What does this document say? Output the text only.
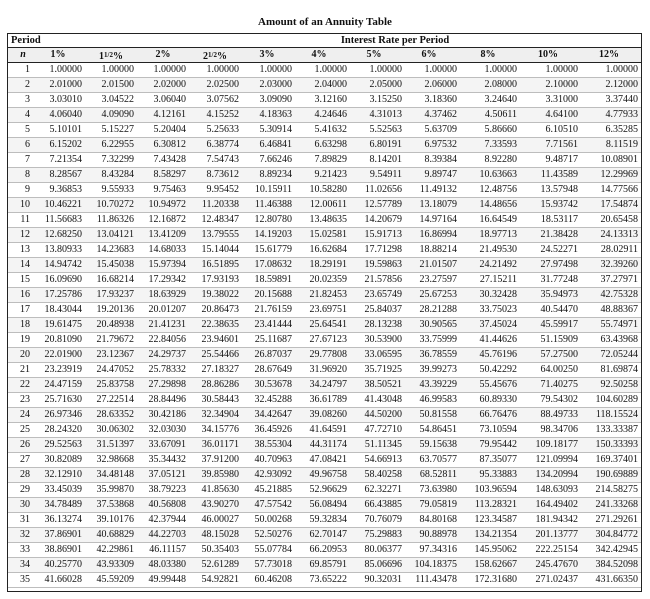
Amount of an Annuity Table
Period	Interest Rate per Period
n	1%	$1^{1/2}\%$	2%	$2^{1/2}\%$	3%	4%	5%	6%	8%	10%	12%
1	1.00000	1.00000	1.00000	1.00000	1.00000	1.00000	1.00000	1.00000	1.00000	1.00000	1.00000
2	2.01000	2.01500	2.02000	2.02500	2.03000	2.04000	2.05000	2.06000	2.08000	2.10000	2.12000
3	3.03010	3.04522	3.06040	3.07562	3.09090	3.12160	3.15250	3.18360	3.24640	3.31000	3.37440
4	4.06040	4.09090	4.12161	4.15252	4.18363	4.24646	4.31013	4.37462	4.50611	4.64100	4.77933
5	5.10101	5.15227	5.20404	5.25633	5.30914	5.41632	5.52563	5.63709	5.86660	6.10510	6.35285
6	6.15202	6.22955	6.30812	6.38774	6.46841	6.63298	6.80191	6.97532	7.33593	7.71561	8.11519
7	7.21354	7.32299	7.43428	7.54743	7.66246	7.89829	8.14201	8.39384	8.92280	9.48717	10.08901
8	8.28567	8.43284	8.58297	8.73612	8.89234	9.21423	9.54911	9.89747	10.63663	11.43589	12.29969
9	9.36853	9.55933	9.75463	9.95452	10.15911	10.58280	11.02656	11.49132	12.48756	13.57948	14.77566
10	10.46221	10.70272	10.94972	11.20338	11.46388	12.00611	12.57789	13.18079	14.48656	15.93742	17.54874
11	11.56683	11.86326	12.16872	12.48347	12.80780	13.48635	14.20679	14.97164	16.64549	18.53117	20.65458
12	12.68250	13.04121	13.41209	13.79555	14.19203	15.02581	15.91713	16.86994	18.97713	21.38428	24.13313
13	13.80933	14.23683	14.68033	15.14044	15.61779	16.62684	17.71298	18.88214	21.49530	24.52271	28.02911
14	14.94742	15.45038	15.97394	16.51895	17.08632	18.29191	19.59863	21.01507	24.21492	27.97498	32.39260
15	16.09690	16.68214	17.29342	17.93193	18.59891	20.02359	21.57856	23.27597	27.15211	31.77248	37.27971
16	17.25786	17.93237	18.63929	19.38022	20.15688	21.82453	23.65749	25.67253	30.32428	35.94973	42.75328
17	18.43044	19.20136	20.01207	20.86473	21.76159	23.69751	25.84037	28.21288	33.75023	40.54470	48.88367
18	19.61475	20.48938	21.41231	22.38635	23.41444	25.64541	28.13238	30.90565	37.45024	45.59917	55.74971
19	20.81090	21.79672	22.84056	23.94601	25.11687	27.67123	30.53900	33.75999	41.44626	51.15909	63.43968
20	22.01900	23.12367	24.29737	25.54466	26.87037	29.77808	33.06595	36.78559	45.76196	57.27500	72.05244
21	23.23919	24.47052	25.78332	27.18327	28.67649	31.96920	35.71925	39.99273	50.42292	64.00250	81.69874
22	24.47159	25.83758	27.29898	28.86286	30.53678	34.24797	38.50521	43.39229	55.45676	71.40275	92.50258
23	25.71630	27.22514	28.84496	30.58443	32.45288	36.61789	41.43048	46.99583	60.89330	79.54302	104.60289
24	26.97346	28.63352	30.42186	32.34904	34.42647	39.08260	44.50200	50.81558	66.76476	88.49733	118.15524
25	28.24320	30.06302	32.03030	34.15776	36.45926	41.64591	47.72710	54.86451	73.10594	98.34706	133.33387
26	29.52563	31.51397	33.67091	36.01171	38.55304	44.31174	51.11345	59.15638	79.95442	109.18177	150.33393
27	30.82089	32.98668	35.34432	37.91200	40.70963	47.08421	54.66913	63.70577	87.35077	121.09994	169.37401
28	32.12910	34.48148	37.05121	39.85980	42.93092	49.96758	58.40258	68.52811	95.33883	134.20994	190.69889
29	33.45039	35.99870	38.79223	41.85630	45.21885	52.96629	62.32271	73.63980	103.96594	148.63093	214.58275
30	34.78489	37.53868	40.56808	43.90270	47.57542	56.08494	66.43885	79.05819	113.28321	164.49402	241.33268
31	36.13274	39.10176	42.37944	46.00027	50.00268	59.32834	70.76079	84.80168	123.34587	181.94342	271.29261
32	37.86901	40.68829	44.22703	48.15028	52.50276	62.70147	75.29883	90.88978	134.21354	201.13777	304.84772
33	38.86901	42.29861	46.11157	50.35403	55.07784	66.20953	80.06377	97.34316	145.95062	222.25154	342.42945
34	40.25770	43.93309	48.03380	52.61289	57.73018	69.85791	85.06696	104.18375	158.62667	245.47670	384.52098
35	41.66028	45.59209	49.99448	54.92821	60.46208	73.65222	90.32031	111.43478	172.31680	271.02437	431.66350
